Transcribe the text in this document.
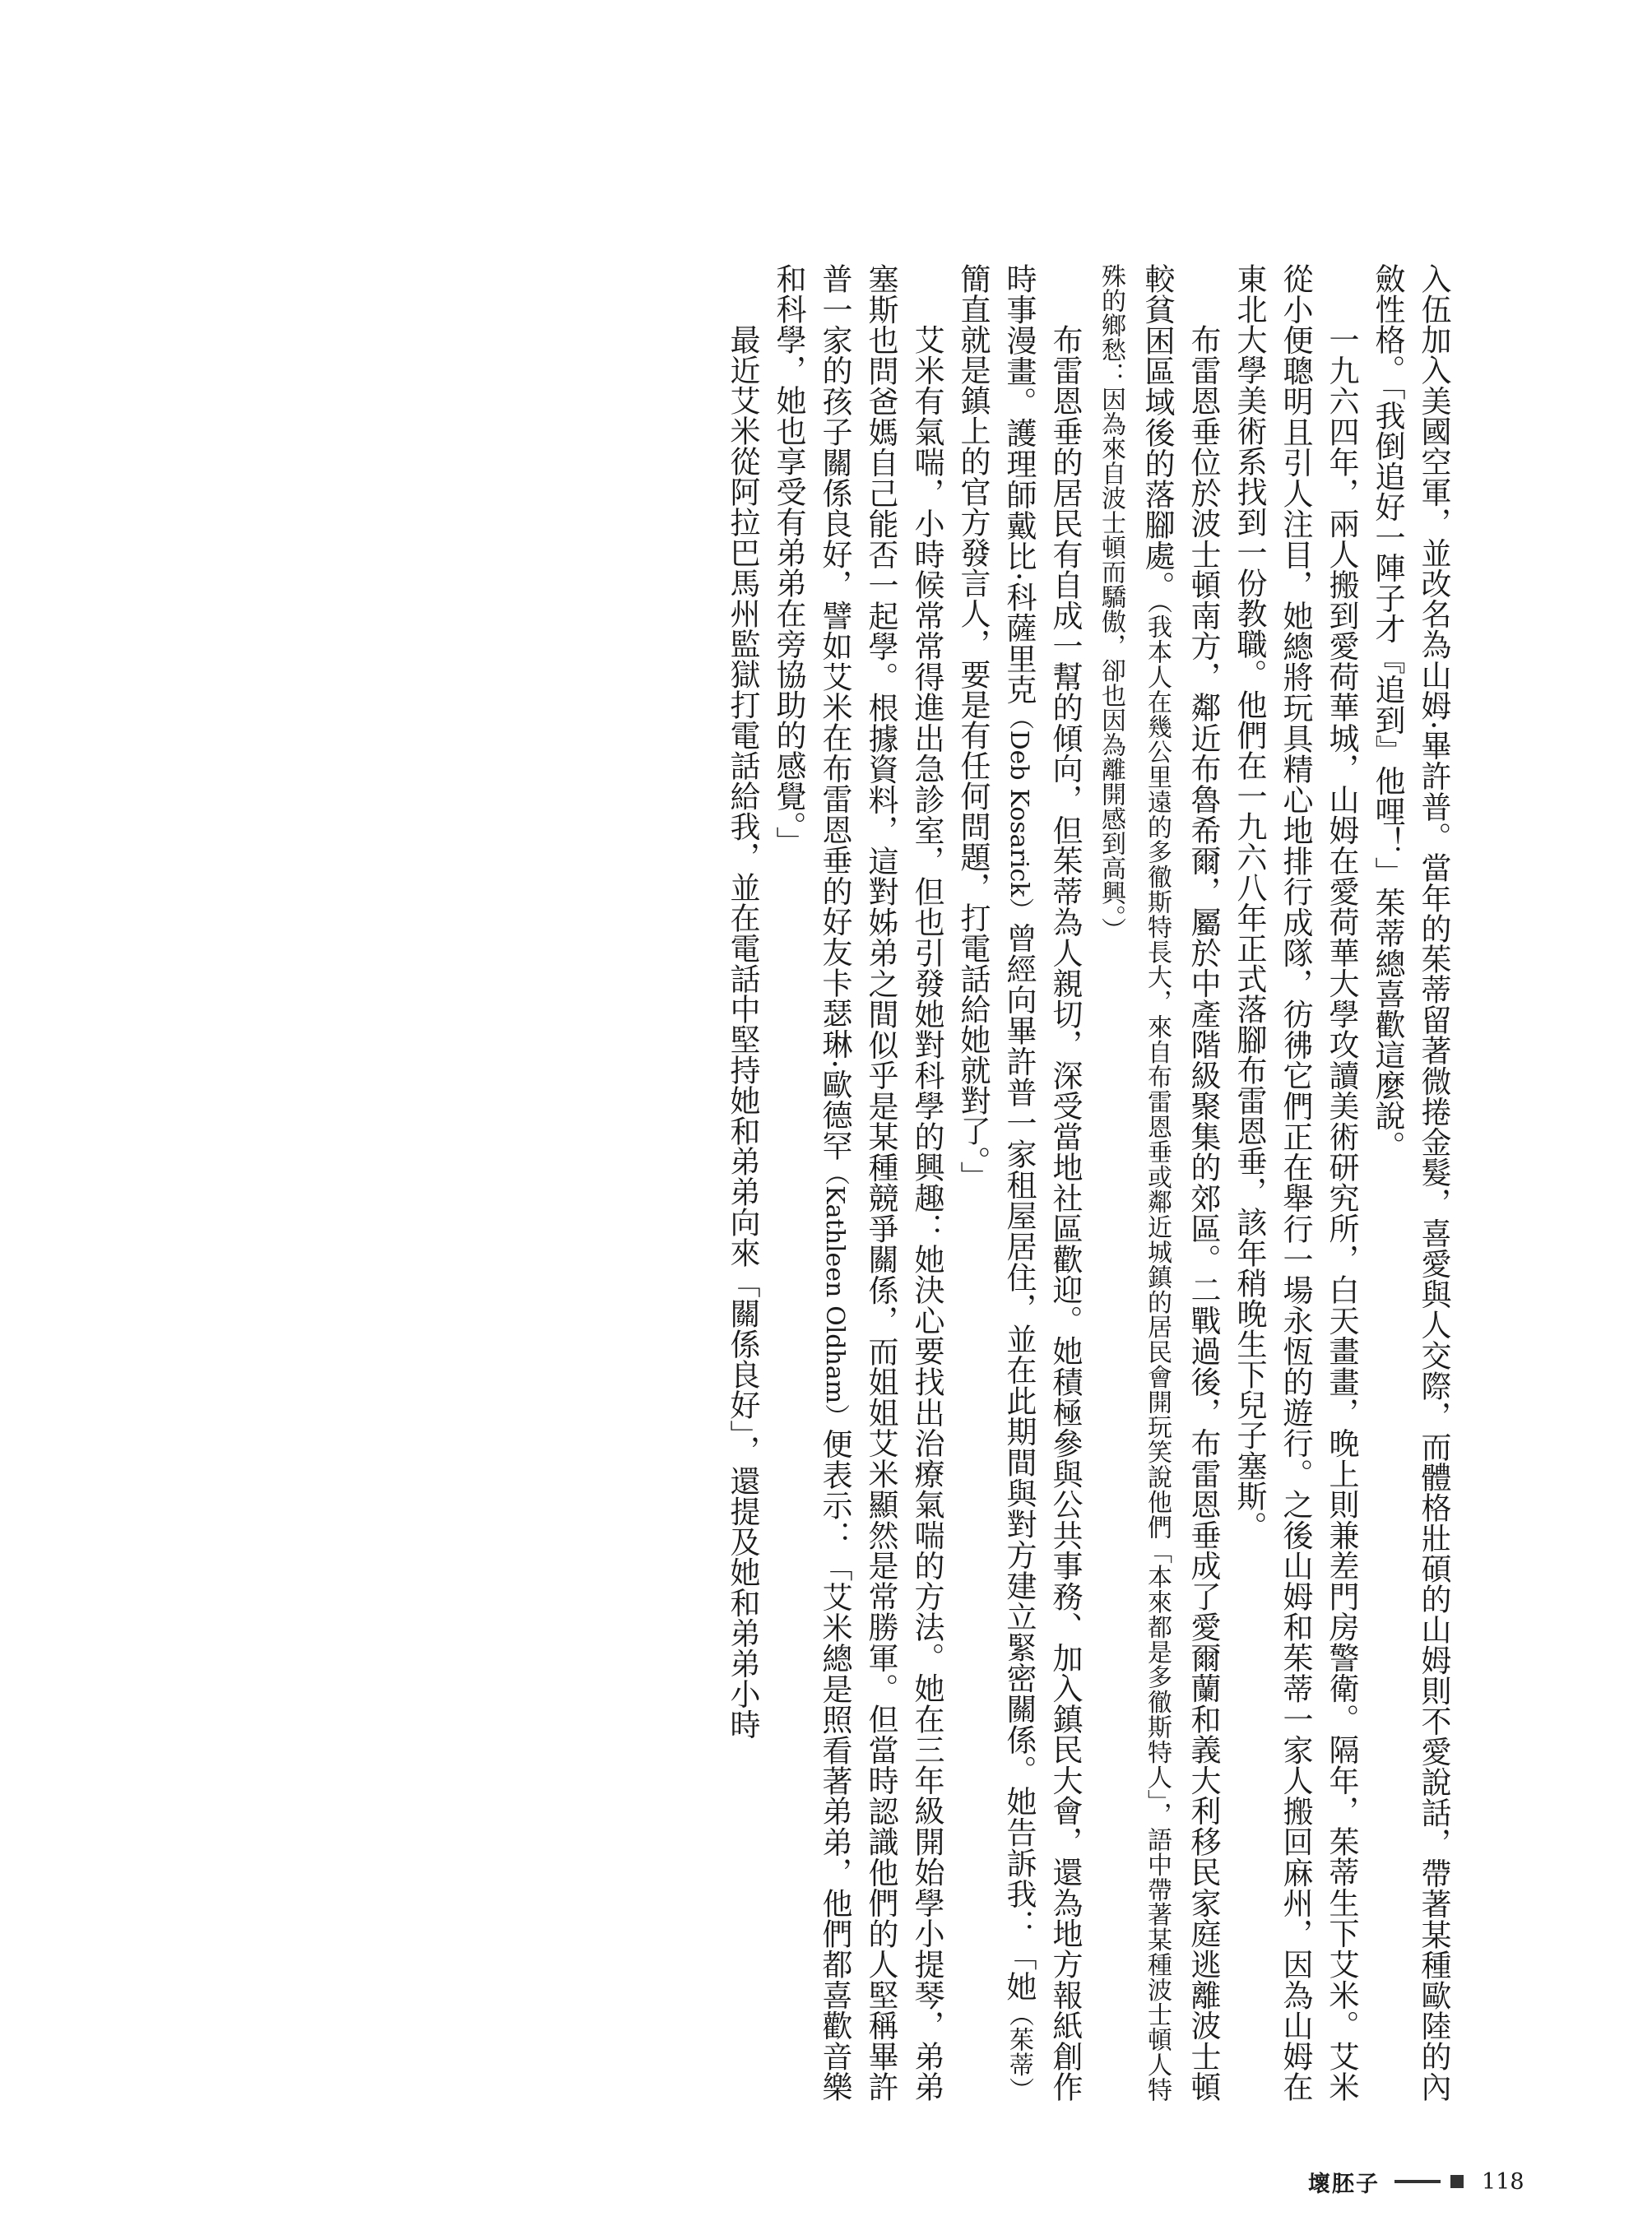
入伍加入美國空軍，並改名為山姆·畢許普。當年的茱蒂留著微捲金髮，喜愛與人交際，而體格壯碩的山姆則不愛說話，帶著某種歐陸的內斂性格。「我倒追好一陣子才『追到』他哩！」茱蒂總喜歡這麼說。

一九六四年，兩人搬到愛荷華城，山姆在愛荷華大學攻讀美術研究所，白天畫畫，晚上則兼差門房警衛。隔年，茱蒂生下艾米。艾米從小便聰明且引人注目，她總將玩具精心地排行成隊，彷彿它們正在舉行一場永恆的遊行。之後山姆和茱蒂一家人搬回麻州，因為山姆在東北大學美術系找到一份教職。他們在一九六八年正式落腳布雷恩垂，該年稍晚生下兒子塞斯。

布雷恩垂位於波士頓南方，鄰近布魯希爾，屬於中產階級聚集的郊區。二戰過後，布雷恩垂成了愛爾蘭和義大利移民家庭逃離波士頓較貧困區域後的落腳處。（我本人在幾公里遠的多徹斯特長大，來自布雷恩垂或鄰近城鎮的居民會開玩笑說他們「本來都是多徹斯特人」，語中帶著某種波士頓人特殊的鄉愁：因為來自波士頓而驕傲，卻也因為離開感到高興。）

布雷恩垂的居民有自成一幫的傾向，但茱蒂為人親切，深受當地社區歡迎。她積極參與公共事務、加入鎮民大會，還為地方報紙創作時事漫畫。護理師戴比·科薩里克（Deb Kosarick）曾經向畢許普一家租屋居住，並在此期間與對方建立緊密關係。她告訴我：「她（茱蒂）簡直就是鎮上的官方發言人，要是有任何問題，打電話給她就對了。」

艾米有氣喘，小時候常常得進出急診室，但也引發她對科學的興趣：她決心要找出治療氣喘的方法。她在三年級開始學小提琴，弟弟塞斯也問爸媽自己能否一起學。根據資料，這對姊弟之間似乎是某種競爭關係，而姐姐艾米顯然是常勝軍。但當時認識他們的人堅稱畢許普一家的孩子關係良好，譬如艾米在布雷恩垂的好友卡瑟琳·歐德罕（Kathleen Oldham）便表示：「艾米總是照看著弟弟，他們都喜歡音樂和科學，她也享受有弟弟在旁協助的感覺。」

最近艾米從阿拉巴馬州監獄打電話給我，並在電話中堅持她和弟弟向來「關係良好」，還提及她和弟弟小時

壞胚子	118
